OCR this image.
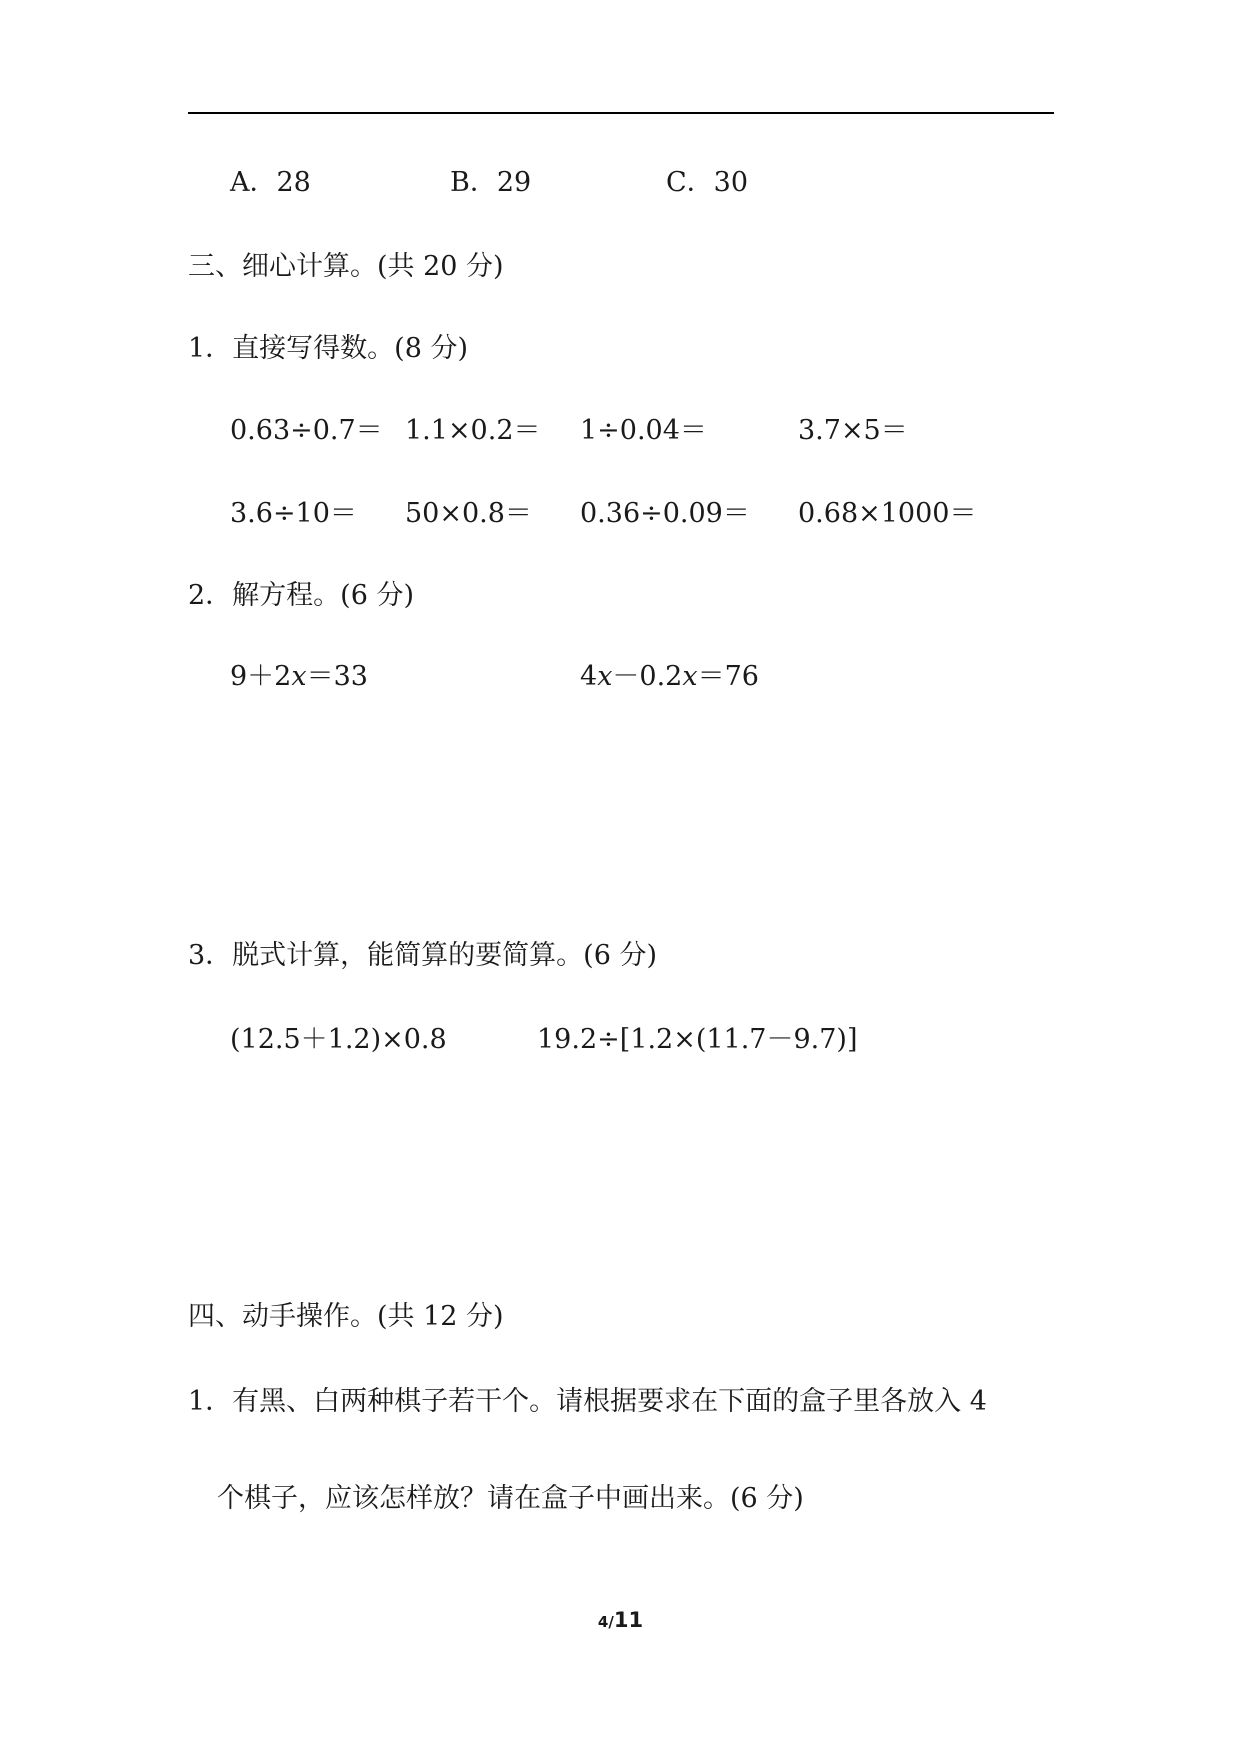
A．28	B．29	C．30
三、细心计算。(共 20 分)
1．直接写得数。(8 分)
0.63÷0.7＝ 1.1×0.2＝ 1÷0.04＝	3.7×5＝
3.6÷10＝ 50×0.8＝ 0.36÷0.09＝ 0.68×1000＝
2．解方程。(6 分)
9＋2x＝33	4x－0.2x＝76
3．脱式计算，能简算的要简算。(6 分)
(12.5＋1.2)×0.8	19.2÷[1.2×(11.7－9.7)]
四、动手操作。(共 12 分)
1．有黑、白两种棋子若干个。请根据要求在下面的盒子里各放入 4
个棋子，应该怎样放？请在盒子中画出来。(6 分)
4/11
